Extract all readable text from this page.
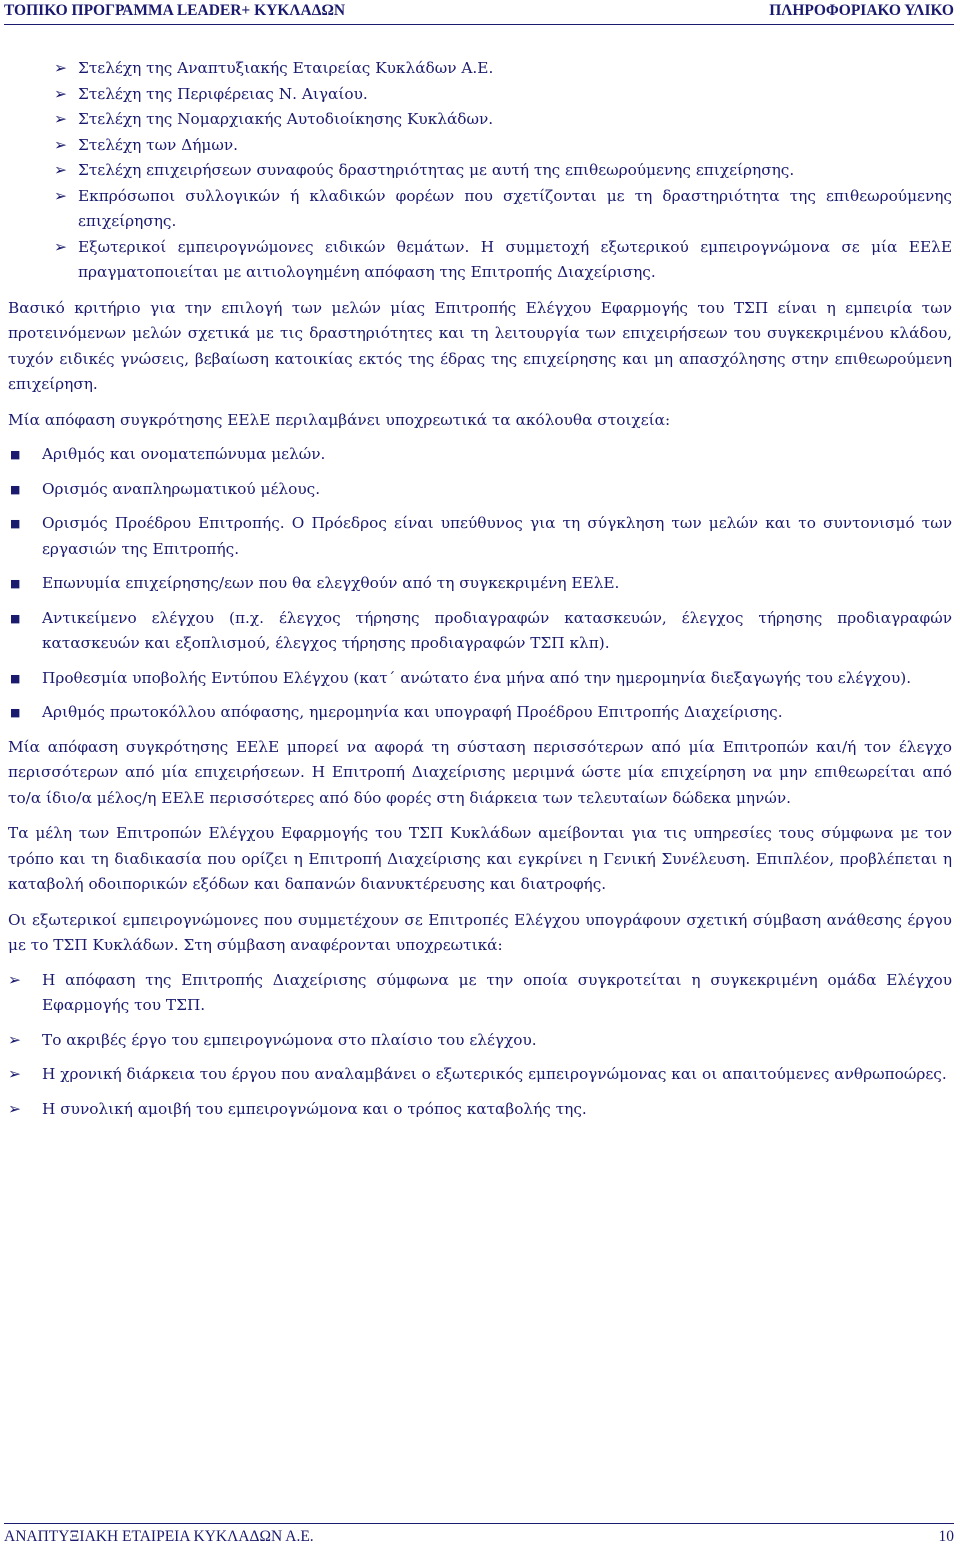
ΤΟΠΙΚΟ ΠΡΟΓΡΑΜΜΑ LEADER+ ΚΥΚΛΑΔΩΝ	ΠΛΗΡΟΦΟΡΙΑΚΟ ΥΛΙΚΟ
➢ Στελέχη της Αναπτυξιακής Εταιρείας Κυκλάδων Α.Ε.
➢ Στελέχη της Περιφέρειας Ν. Αιγαίου.
➢ Στελέχη της Νομαρχιακής Αυτοδιοίκησης Κυκλάδων.
➢ Στελέχη των Δήμων.
➢ Στελέχη επιχειρήσεων συναφούς δραστηριότητας με αυτή της επιθεωρούμενης επιχείρησης.
➢ Εκπρόσωποι συλλογικών ή κλαδικών φορέων που σχετίζονται με τη δραστηριότητα της επιθεωρούμενης επιχείρησης.
➢ Εξωτερικοί εμπειρογνώμονες ειδικών θεμάτων. Η συμμετοχή εξωτερικού εμπειρογνώμονα σε μία ΕΕλΕ πραγματοποιείται με αιτιολογημένη απόφαση της Επιτροπής Διαχείρισης.

Βασικό κριτήριο για την επιλογή των μελών μίας Επιτροπής Ελέγχου Εφαρμογής του ΤΣΠ είναι η εμπειρία των προτεινόμενων μελών σχετικά με τις δραστηριότητες και τη λειτουργία των επιχειρήσεων του συγκεκριμένου κλάδου, τυχόν ειδικές γνώσεις, βεβαίωση κατοικίας εκτός της έδρας της επιχείρησης και μη απασχόλησης στην επιθεωρούμενη επιχείρηση.

Μία απόφαση συγκρότησης ΕΕλΕ περιλαμβάνει υποχρεωτικά τα ακόλουθα στοιχεία:

■ Αριθμός και ονοματεπώνυμα μελών.
■ Ορισμός αναπληρωματικού μέλους.
■ Ορισμός Προέδρου Επιτροπής. Ο Πρόεδρος είναι υπεύθυνος για τη σύγκληση των μελών και το συντονισμό των εργασιών της Επιτροπής.
■ Επωνυμία επιχείρησης/εων που θα ελεγχθούν από τη συγκεκριμένη ΕΕλΕ.
■ Αντικείμενο ελέγχου (π.χ. έλεγχος τήρησης προδιαγραφών κατασκευών, έλεγχος τήρησης προδιαγραφών κατασκευών και εξοπλισμού, έλεγχος τήρησης προδιαγραφών ΤΣΠ κλπ).
■ Προθεσμία υποβολής Εντύπου Ελέγχου (κατ΄ ανώτατο ένα μήνα από την ημερομηνία διεξαγωγής του ελέγχου).
■ Αριθμός πρωτοκόλλου απόφασης, ημερομηνία και υπογραφή Προέδρου Επιτροπής Διαχείρισης.

Μία απόφαση συγκρότησης ΕΕλΕ μπορεί να αφορά τη σύσταση περισσότερων από μία Επιτροπών και/ή τον έλεγχο περισσότερων από μία επιχειρήσεων. Η Επιτροπή Διαχείρισης μεριμνά ώστε μία επιχείρηση να μην επιθεωρείται από το/α ίδιο/α μέλος/η ΕΕλΕ περισσότερες από δύο φορές στη διάρκεια των τελευταίων δώδεκα μηνών.

Τα μέλη των Επιτροπών Ελέγχου Εφαρμογής του ΤΣΠ Κυκλάδων αμείβονται για τις υπηρεσίες τους σύμφωνα με τον τρόπο και τη διαδικασία που ορίζει η Επιτροπή Διαχείρισης και εγκρίνει η Γενική Συνέλευση. Επιπλέον, προβλέπεται η καταβολή οδοιπορικών εξόδων και δαπανών διανυκτέρευσης και διατροφής.

Οι εξωτερικοί εμπειρογνώμονες που συμμετέχουν σε Επιτροπές Ελέγχου υπογράφουν σχετική σύμβαση ανάθεσης έργου με το ΤΣΠ Κυκλάδων. Στη σύμβαση αναφέρονται υποχρεωτικά:

➢ Η απόφαση της Επιτροπής Διαχείρισης σύμφωνα με την οποία συγκροτείται η συγκεκριμένη ομάδα Ελέγχου Εφαρμογής του ΤΣΠ.
➢ Το ακριβές έργο του εμπειρογνώμονα στο πλαίσιο του ελέγχου.
➢ Η χρονική διάρκεια του έργου που αναλαμβάνει ο εξωτερικός εμπειρογνώμονας και οι απαιτούμενες ανθρωποώρες.
➢ Η συνολική αμοιβή του εμπειρογνώμονα και ο τρόπος καταβολής της.
ΑΝΑΠΤΥΞΙΑΚΗ ΕΤΑΙΡΕΙΑ ΚΥΚΛΑΔΩΝ Α.Ε.	10
